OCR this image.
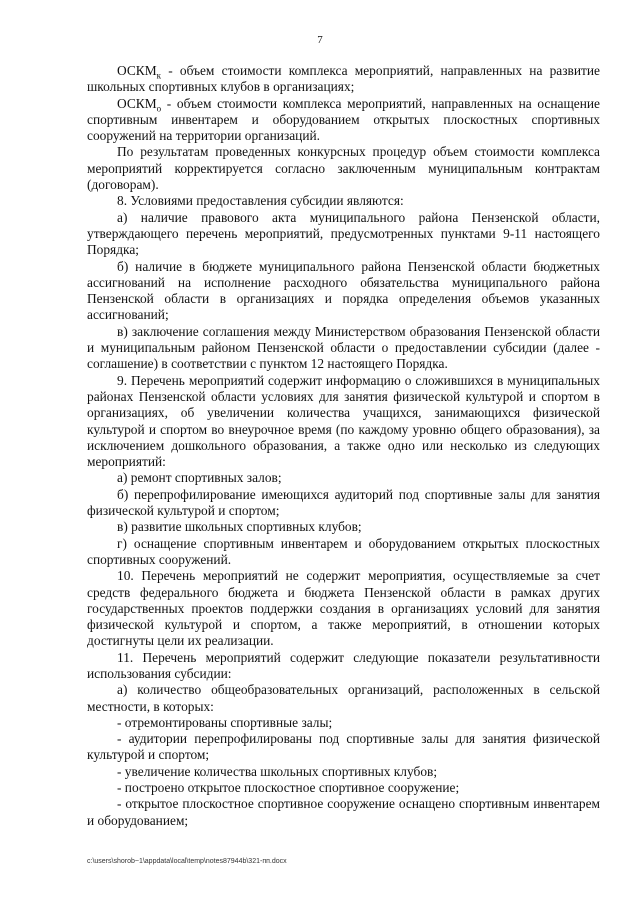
7

$ОСКМ_к$ - объем стоимости комплекса мероприятий, направленных на развитие школьных спортивных клубов в организациях;

$ОСКМ_о$ - объем стоимости комплекса мероприятий, направленных на оснащение спортивным инвентарем и оборудованием открытых плоскостных спортивных сооружений на территории организаций.

По результатам проведенных конкурсных процедур объем стоимости комплекса мероприятий корректируется согласно заключенным муниципальным контрактам (договорам).

8. Условиями предоставления субсидии являются:

а) наличие правового акта муниципального района Пензенской области, утверждающего перечень мероприятий, предусмотренных пунктами 9-11 настоящего Порядка;

б) наличие в бюджете муниципального района Пензенской области бюджетных ассигнований на исполнение расходного обязательства муниципального района Пензенской области в организациях и порядка определения объемов указанных ассигнований;

в) заключение соглашения между Министерством образования Пензенской области и муниципальным районом Пензенской области о предоставлении субсидии (далее - соглашение) в соответствии с пунктом 12 настоящего Порядка.

9. Перечень мероприятий содержит информацию о сложившихся в муниципальных районах Пензенской области условиях для занятия физической культурой и спортом в организациях, об увеличении количества учащихся, занимающихся физической культурой и спортом во внеурочное время (по каждому уровню общего образования), за исключением дошкольного образования, а также одно или несколько из следующих мероприятий:

а) ремонт спортивных залов;

б) перепрофилирование имеющихся аудиторий под спортивные залы для занятия физической культурой и спортом;

в) развитие школьных спортивных клубов;

г) оснащение спортивным инвентарем и оборудованием открытых плоскостных спортивных сооружений.

10. Перечень мероприятий не содержит мероприятия, осуществляемые за счет средств федерального бюджета и бюджета Пензенской области в рамках других государственных проектов поддержки создания в организациях условий для занятия физической культурой и спортом, а также мероприятий, в отношении которых достигнуты цели их реализации.

11. Перечень мероприятий содержит следующие показатели результативности использования субсидии:

а) количество общеобразовательных организаций, расположенных в сельской местности, в которых:

- отремонтированы спортивные залы;

- аудитории перепрофилированы под спортивные залы для занятия физической культурой и спортом;

- увеличение количества школьных спортивных клубов;

- построено открытое плоскостное спортивное сооружение;

- открытое плоскостное спортивное сооружение оснащено спортивным инвентарем и оборудованием;

c:\users\shorob~1\appdata\local\temp\notes87944b\321-пп.docx
